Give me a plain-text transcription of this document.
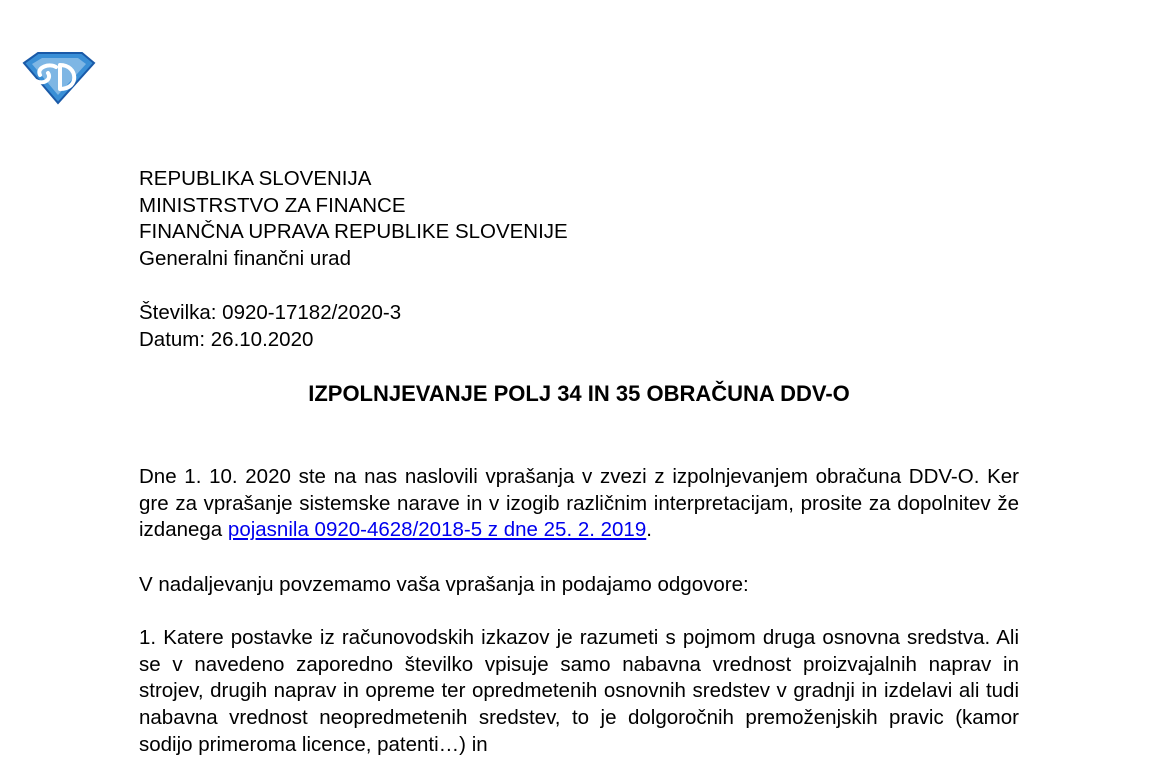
REPUBLIKA SLOVENIJA
MINISTRSTVO ZA FINANCE
FINANČNA UPRAVA REPUBLIKE SLOVENIJE
Generalni finančni urad
Številka: 0920-17182/2020-3
Datum: 26.10.2020
IZPOLNJEVANJE POLJ 34 IN 35 OBRAČUNA DDV-O

Dne 1. 10. 2020 ste na nas naslovili vprašanja v zvezi z izpolnjevanjem obračuna DDV-O. Ker gre za vprašanje sistemske narave in v izogib različnim interpretacijam, prosite za dopolnitev že izdanega pojasnila 0920-4628/2018-5 z dne 25. 2. 2019.

V nadaljevanju povzemamo vaša vprašanja in podajamo odgovore:

1. Katere postavke iz računovodskih izkazov je razumeti s pojmom druga osnovna sredstva. Ali se v navedeno zaporedno številko vpisuje samo nabavna vrednost proizvajalnih naprav in strojev, drugih naprav in opreme ter opredmetenih osnovnih sredstev v gradnji in izdelavi ali tudi nabavna vrednost neopredmetenih sredstev, to je dolgoročnih premoženjskih pravic (kamor sodijo primeroma licence, patenti…) in
